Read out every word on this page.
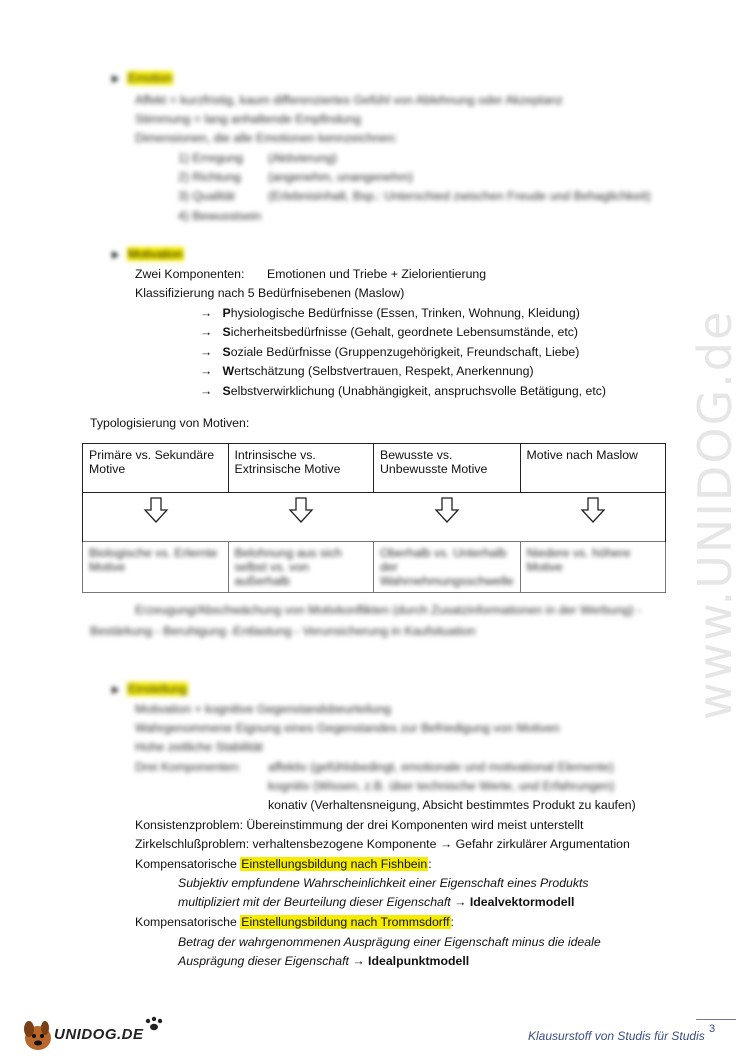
www.UNIDOG.de
Emotion
Affekt = kurzfristig, kaum differenziertes Gefühl von Ablehnung oder Akzeptanz
Stimmung = lang anhaltende Empfindung
Dimensionen, die alle Emotionen kennzeichnen:
1) Erregung (Aktivierung)
2) Richtung (angenehm, unangenehm)
3) Qualität	(Erlebnisinhalt, Bsp.: Unterschied zwischen Freude und Behaglichkeit)
4) Bewusstsein
Motivation
Zwei Komponenten: Emotionen und Triebe + Zielorientierung
Klassifizierung nach 5 Bedürfnisebenen (Maslow)
→ Physiologische Bedürfnisse (Essen, Trinken, Wohnung, Kleidung)
→ Sicherheitsbedürfnisse (Gehalt, geordnete Lebensumstände, etc)
→ Soziale Bedürfnisse (Gruppenzugehörigkeit, Freundschaft, Liebe)
→ Wertschätzung (Selbstvertrauen, Respekt, Anerkennung)
→ Selbstverwirklichung (Unabhängigkeit, anspruchsvolle Betätigung, etc)
Typologisierung von Motiven:
Primäre vs. Sekundäre Motive	Intrinsische vs. Extrinsische Motive	Bewusste vs. Unbewusste Motive	Motive nach Maslow

Biologische vs. Erlernte Motive	Belohnung aus sich selbst vs. von außerhalb	Oberhalb vs. Unterhalb der Wahrnehmungsschwelle	Niedere vs. höhere Motive
Erzeugung/Abschwächung von Motivkonflikten (durch Zusatzinformationen in der Werbung) -
Bestärkung - Beruhigung -Entlastung - Verunsicherung in Kaufsituation
Einstellung
Motivation + kognitive Gegenstandsbeurteilung
Wahrgenommene Eignung eines Gegenstandes zur Befriedigung von Motiven
Hohe zeitliche Stabilität
Drei Komponenten: affektiv (gefühlsbedingt, emotionale und motivational Elemente)
kognitiv (Wissen, z.B. über technische Werte, und Erfahrungen)
konativ (Verhaltensneigung, Absicht bestimmtes Produkt zu kaufen)
Konsistenzproblem: Übereinstimmung der drei Komponenten wird meist unterstellt
Zirkelschlußproblem: verhaltensbezogene Komponente → Gefahr zirkulärer Argumentation
Kompensatorische Einstellungsbildung nach Fishbein:
Subjektiv empfundene Wahrscheinlichkeit einer Eigenschaft eines Produkts
multipliziert mit der Beurteilung dieser Eigenschaft → Idealvektormodell
Kompensatorische Einstellungsbildung nach Trommsdorff:
Betrag der wahrgenommenen Ausprägung einer Eigenschaft minus die ideale
Ausprägung dieser Eigenschaft → Idealpunktmodell
UNIDOG.DE	3
Klausurstoff von Studis für Studis
